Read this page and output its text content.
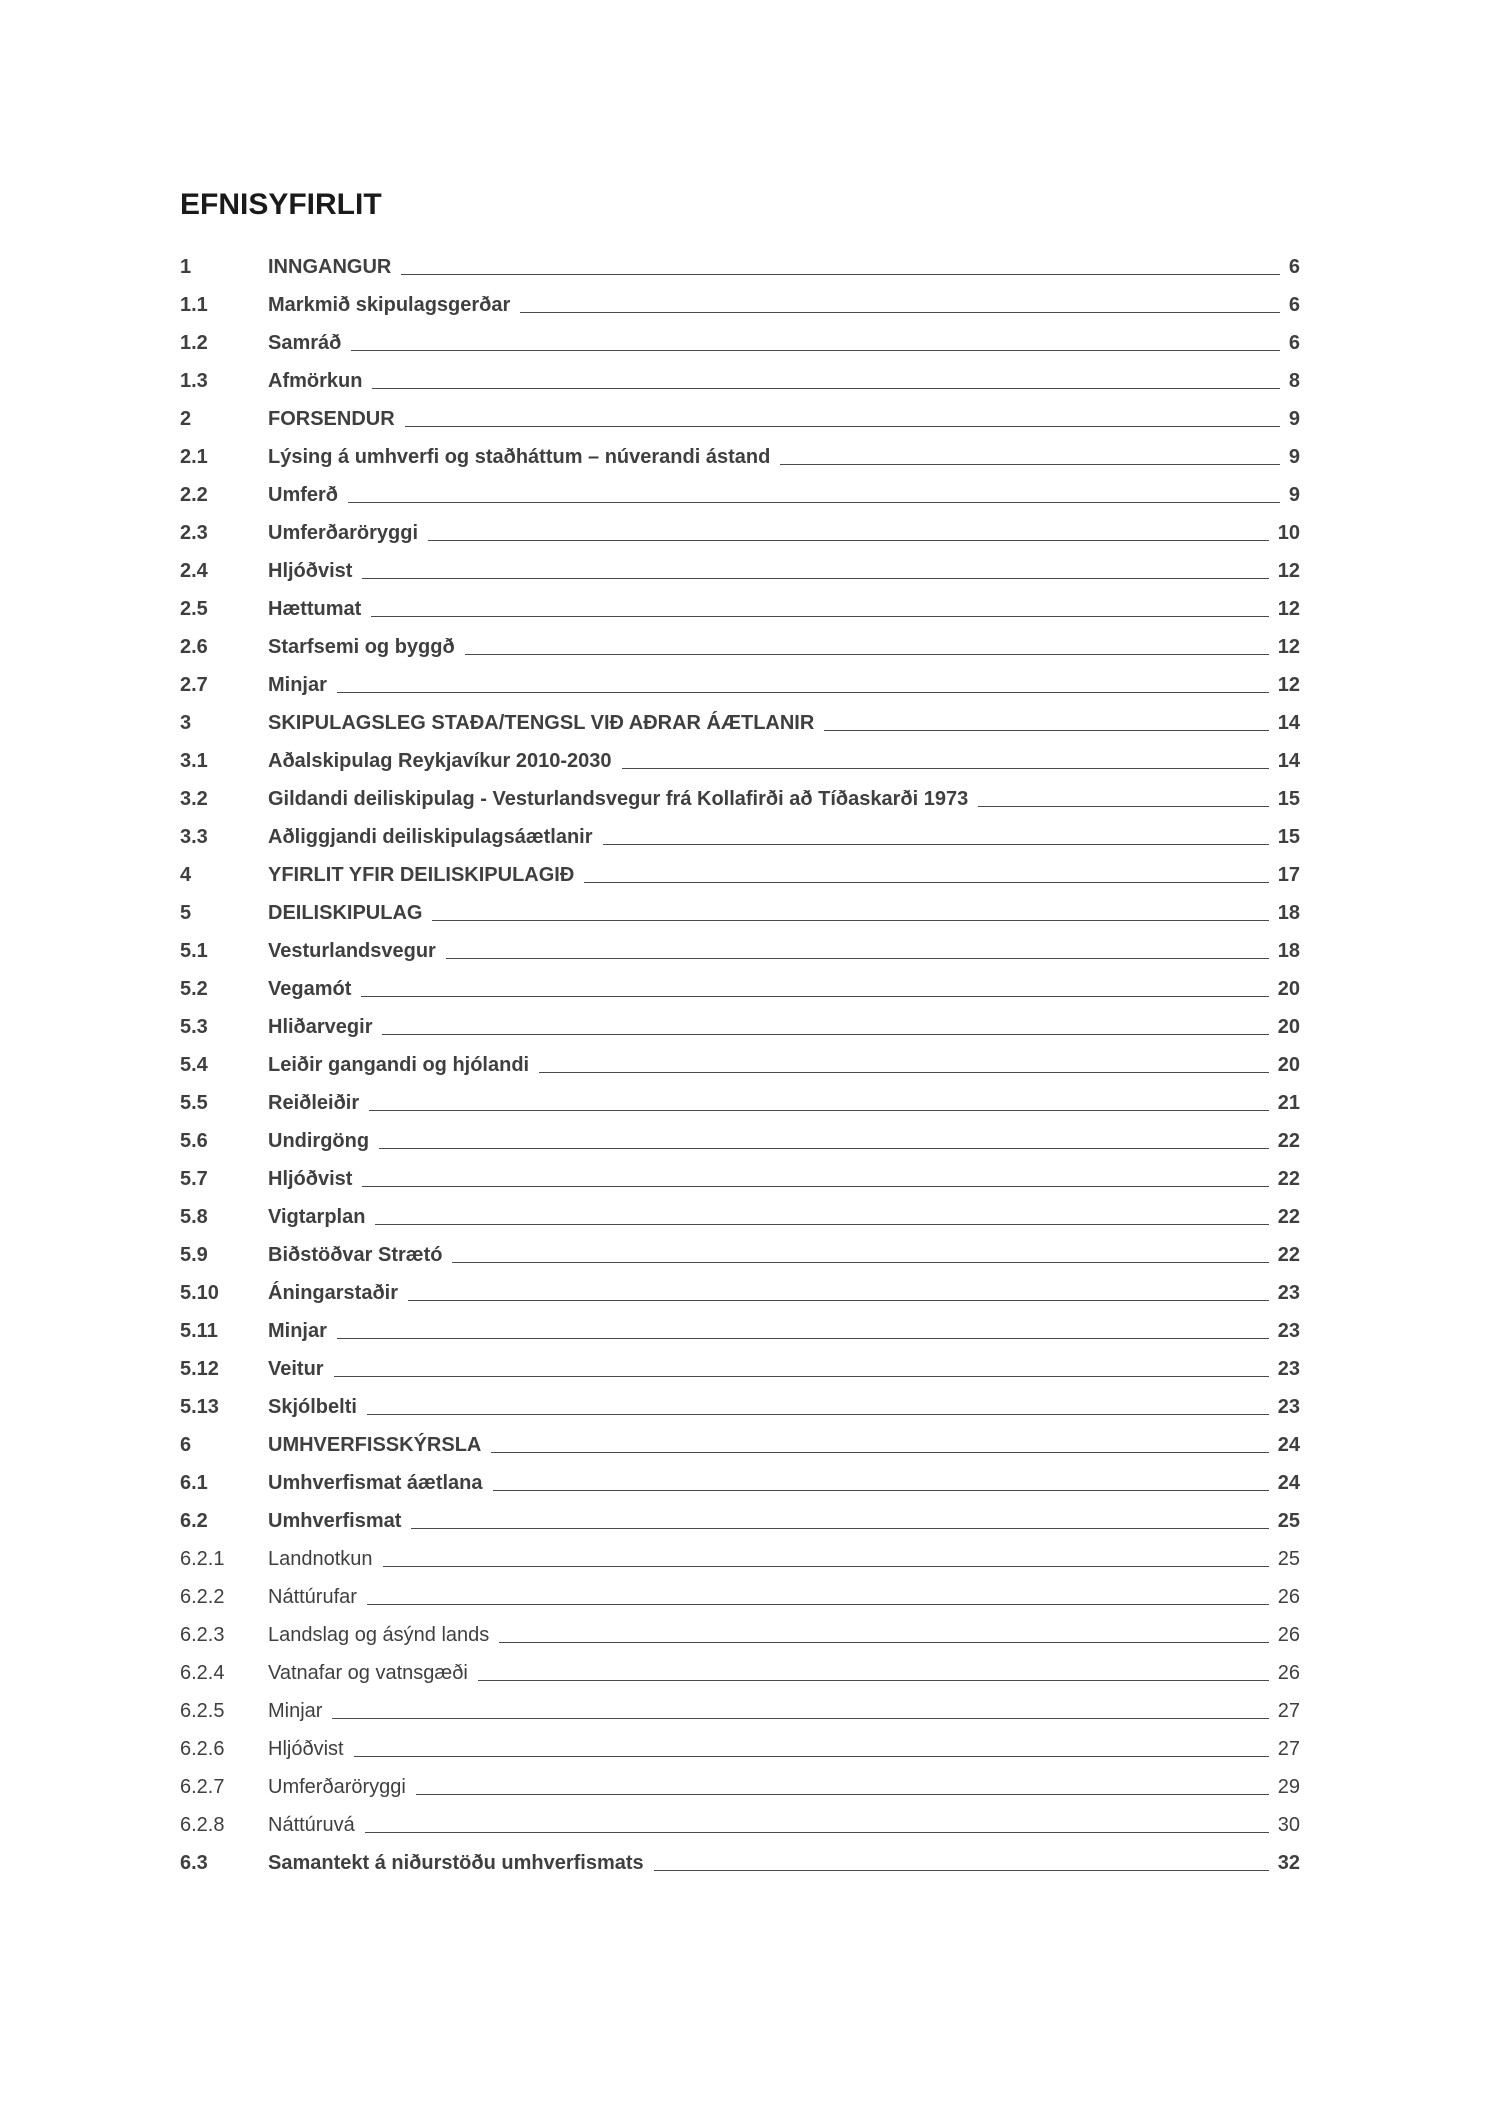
EFNISYFIRLIT
1	INNGANGUR	6
1.1	Markmið skipulagsgerðar	6
1.2	Samráð	6
1.3	Afmörkun	8
2	FORSENDUR	9
2.1	Lýsing á umhverfi og staðháttum – núverandi ástand	9
2.2	Umferð	9
2.3	Umferðaröryggi	10
2.4	Hljóðvist	12
2.5	Hættumat	12
2.6	Starfsemi og byggð	12
2.7	Minjar	12
3	SKIPULAGSLEG STAÐA/TENGSL VIÐ AÐRAR ÁÆTLANIR	14
3.1	Aðalskipulag Reykjavíkur 2010-2030	14
3.2	Gildandi deiliskipulag - Vesturlandsvegur frá Kollafirði að Tíðaskarði 1973	15
3.3	Aðliggjandi deiliskipulagsáætlanir	15
4	YFIRLIT YFIR DEILISKIPULAGIÐ	17
5	DEILISKIPULAG	18
5.1	Vesturlandsvegur	18
5.2	Vegamót	20
5.3	Hliðarvegir	20
5.4	Leiðir gangandi og hjólandi	20
5.5	Reiðleiðir	21
5.6	Undirgöng	22
5.7	Hljóðvist	22
5.8	Vigtarplan	22
5.9	Biðstöðvar Strætó	22
5.10	Áningarstaðir	23
5.11	Minjar	23
5.12	Veitur	23
5.13	Skjólbelti	23
6	UMHVERFISSKÝRSLA	24
6.1	Umhverfismat áætlana	24
6.2	Umhverfismat	25
6.2.1	Landnotkun	25
6.2.2	Náttúrufar	26
6.2.3	Landslag og ásýnd lands	26
6.2.4	Vatnafar og vatnsgæði	26
6.2.5	Minjar	27
6.2.6	Hljóðvist	27
6.2.7	Umferðaröryggi	29
6.2.8	Náttúruvá	30
6.3	Samantekt á niðurstöðu umhverfismats	32
